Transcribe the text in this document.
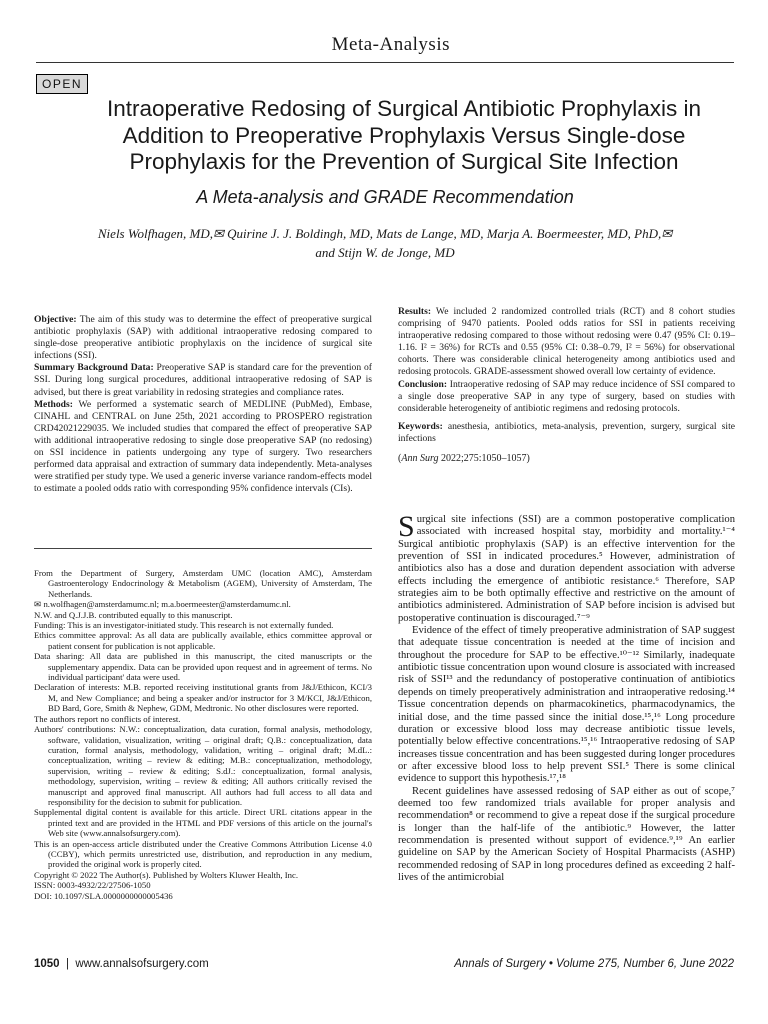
Meta-Analysis
OPEN
Intraoperative Redosing of Surgical Antibiotic Prophylaxis in
Addition to Preoperative Prophylaxis Versus Single-dose
Prophylaxis for the Prevention of Surgical Site Infection
A Meta-analysis and GRADE Recommendation
Niels Wolfhagen, MD,✉ Quirine J. J. Boldingh, MD, Mats de Lange, MD, Marja A. Boermeester, MD, PhD,✉
and Stijn W. de Jonge, MD

Objective: The aim of this study was to determine the effect of preoperative surgical antibiotic prophylaxis (SAP) with additional intraoperative redosing compared to single-dose preoperative antibiotic prophylaxis on the incidence of surgical site infections (SSI).

Summary Background Data: Preoperative SAP is standard care for the prevention of SSI. During long surgical procedures, additional intraoperative redosing of SAP is advised, but there is great variability in redosing strategies and compliance rates.

Methods: We performed a systematic search of MEDLINE (PubMed), Embase, CINAHL and CENTRAL on June 25th, 2021 according to PROSPERO registration CRD42021229035. We included studies that compared the effect of preoperative SAP with additional intraoperative redosing to single dose preoperative SAP (no redosing) on SSI incidence in patients undergoing any type of surgery. Two researchers performed data appraisal and extraction of summary data independently. Meta-analyses were stratified per study type. We used a generic inverse variance random-effects model to estimate a pooled odds ratio with corresponding 95% confidence intervals (CIs).

Results: We included 2 randomized controlled trials (RCT) and 8 cohort studies comprising of 9470 patients. Pooled odds ratios for SSI in patients receiving intraoperative redosing compared to those without redosing were 0.47 (95% CI: 0.19–1.16. I² = 36%) for RCTs and 0.55 (95% CI: 0.38–0.79, I² = 56%) for observational cohorts. There was considerable clinical heterogeneity among antibiotics used and redosing protocols. GRADE-assessment showed overall low certainty of evidence.

Conclusion: Intraoperative redosing of SAP may reduce incidence of SSI compared to a single dose preoperative SAP in any type of surgery, based on studies with considerable heterogeneity of antibiotic regimens and redosing protocols.

Keywords: anesthesia, antibiotics, meta-analysis, prevention, surgery, surgical site infections

(Ann Surg 2022;275:1050–1057)

From the Department of Surgery, Amsterdam UMC (location AMC), Amsterdam Gastroenterology Endocrinology & Metabolism (AGEM), University of Amsterdam, The Netherlands.

✉ n.wolfhagen@amsterdamumc.nl; m.a.boermeester@amsterdamumc.nl.

N.W. and Q.J.J.B. contributed equally to this manuscript.

Funding: This is an investigator-initiated study. This research is not externally funded.

Ethics committee approval: As all data are publically available, ethics committee approval or patient consent for publication is not applicable.

Data sharing: All data are published in this manuscript, the cited manuscripts or the supplementary appendix. Data can be provided upon request and in agreement of terms. No individual participant' data were used.

Declaration of interests: M.B. reported receiving institutional grants from J&J/Ethicon, KCI/3 M, and New Compliance; and being a speaker and/or instructor for 3 M/KCI, J&J/Ethicon, BD Bard, Gore, Smith & Nephew, GDM, Medtronic. No other disclosures were reported.

The authors report no conflicts of interest.

Authors' contributions: N.W.: conceptualization, data curation, formal analysis, methodology, software, validation, visualization, writing – original draft; Q.B.: conceptualization, data curation, formal analysis, methodology, validation, writing – original draft; M.dL.: conceptualization, writing – review & editing; M.B.: conceptualization, methodology, supervision, writing – review & editing; S.dJ.: conceptualization, formal analysis, methodology, supervision, writing – review & editing; All authors critically revised the manuscript and approved final manuscript. All authors had full access to all data and responsibility for the decision to submit for publication.

Supplemental digital content is available for this article. Direct URL citations appear in the printed text and are provided in the HTML and PDF versions of this article on the journal's Web site (www.annalsofsurgery.com).

This is an open-access article distributed under the Creative Commons Attribution License 4.0 (CCBY), which permits unrestricted use, distribution, and reproduction in any medium, provided the original work is properly cited.

Copyright © 2022 The Author(s). Published by Wolters Kluwer Health, Inc.

ISSN: 0003-4932/22/27506-1050

DOI: 10.1097/SLA.0000000000005436

Surgical site infections (SSI) are a common postoperative complication associated with increased hospital stay, morbidity and mortality.¹⁻⁴ Surgical antibiotic prophylaxis (SAP) is an effective intervention for the prevention of SSI in indicated procedures.⁵ However, administration of antibiotics also has a dose and duration dependent association with adverse effects including the emergence of antibiotic resistance.⁶ Therefore, SAP strategies aim to be both optimally effective and restrictive on the amount of antibiotics administered. Administration of SAP before incision is advised but postoperative continuation is discouraged.⁷⁻⁹

Evidence of the effect of timely preoperative administration of SAP suggest that adequate tissue concentration is needed at the time of incision and throughout the procedure for SAP to be effective.¹⁰⁻¹² Similarly, inadequate antibiotic tissue concentration upon wound closure is associated with increased risk of SSI¹³ and the redundancy of postoperative continuation of antibiotics depends on timely preoperatively administration and intraoperative redosing.¹⁴ Tissue concentration depends on pharmacokinetics, pharmacodynamics, the initial dose, and the time passed since the initial dose.¹⁵,¹⁶ Long procedure duration or excessive blood loss may decrease antibiotic tissue levels, potentially below effective concentrations.¹⁵,¹⁶ Intraoperative redosing of SAP increases tissue concentration and has been suggested during longer procedures or after excessive blood loss to help prevent SSI.⁵ There is some clinical evidence to support this hypothesis.¹⁷,¹⁸

Recent guidelines have assessed redosing of SAP either as out of scope,⁷ deemed too few randomized trials available for proper analysis and recommendation⁸ or recommend to give a repeat dose if the surgical procedure is longer than the half-life of the antibiotic.⁹ However, the latter recommendation is presented without support of evidence.⁹,¹⁹ An earlier guideline on SAP by the American Society of Hospital Pharmacists (ASHP) recommended redosing of SAP in long procedures defined as exceeding 2 half-lives of the antimicrobial

1050  |  www.annalsofsurgery.com	Annals of Surgery • Volume 275, Number 6, June 2022
